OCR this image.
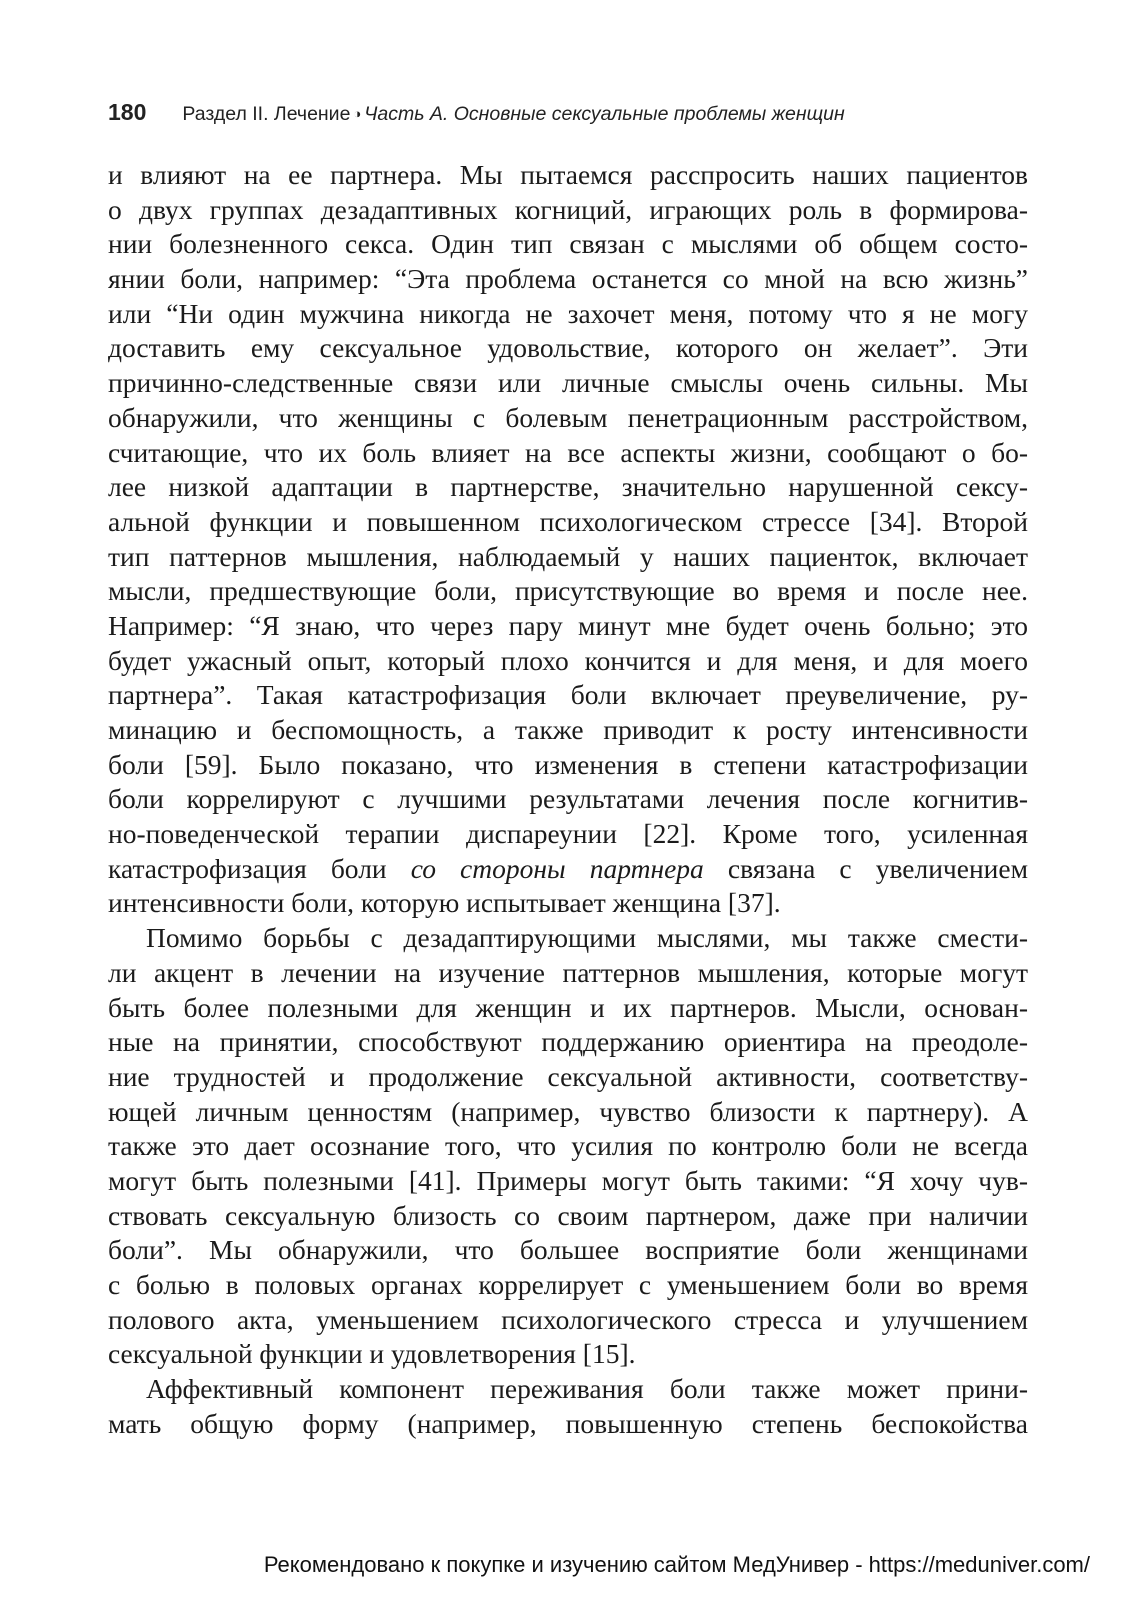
180 Раздел II. Лечение ◑ Часть А. Основные сексуальные проблемы женщин
и влияют на ее партнера. Мы пытаемся расспросить наших пациентов
о двух группах дезадаптивных когниций, играющих роль в формирова-
нии болезненного секса. Один тип связан с мыслями об общем состо-
янии боли, например: “Эта проблема останется со мной на всю жизнь”
или “Ни один мужчина никогда не захочет меня, потому что я не могу
доставить ему сексуальное удовольствие, которого он желает”. Эти
причинно-следственные связи или личные смыслы очень сильны. Мы
обнаружили, что женщины с болевым пенетрационным расстройством,
считающие, что их боль влияет на все аспекты жизни, сообщают о бо-
лее низкой адаптации в партнерстве, значительно нарушенной сексу-
альной функции и повышенном психологическом стрессе [34]. Второй
тип паттернов мышления, наблюдаемый у наших пациенток, включает
мысли, предшествующие боли, присутствующие во время и после нее.
Например: “Я знаю, что через пару минут мне будет очень больно; это
будет ужасный опыт, который плохо кончится и для меня, и для моего
партнера”. Такая катастрофизация боли включает преувеличение, ру-
минацию и беспомощность, а также приводит к росту интенсивности
боли [59]. Было показано, что изменения в степени катастрофизации
боли коррелируют с лучшими результатами лечения после когнитив-
но-поведенческой терапии диспареунии [22]. Кроме того, усиленная
катастрофизация боли со стороны партнера связана с увеличением
интенсивности боли, которую испытывает женщина [37].
Помимо борьбы с дезадаптирующими мыслями, мы также смести-
ли акцент в лечении на изучение паттернов мышления, которые могут
быть более полезными для женщин и их партнеров. Мысли, основан-
ные на принятии, способствуют поддержанию ориентира на преодоле-
ние трудностей и продолжение сексуальной активности, соответству-
ющей личным ценностям (например, чувство близости к партнеру). А
также это дает осознание того, что усилия по контролю боли не всегда
могут быть полезными [41]. Примеры могут быть такими: “Я хочу чув-
ствовать сексуальную близость со своим партнером, даже при наличии
боли”. Мы обнаружили, что большее восприятие боли женщинами
с болью в половых органах коррелирует с уменьшением боли во время
полового акта, уменьшением психологического стресса и улучшением
сексуальной функции и удовлетворения [15].
Аффективный компонент переживания боли также может прини-
мать общую форму (например, повышенную степень беспокойства
Рекомендовано к покупке и изучению сайтом МедУнивер - https://meduniver.com/
